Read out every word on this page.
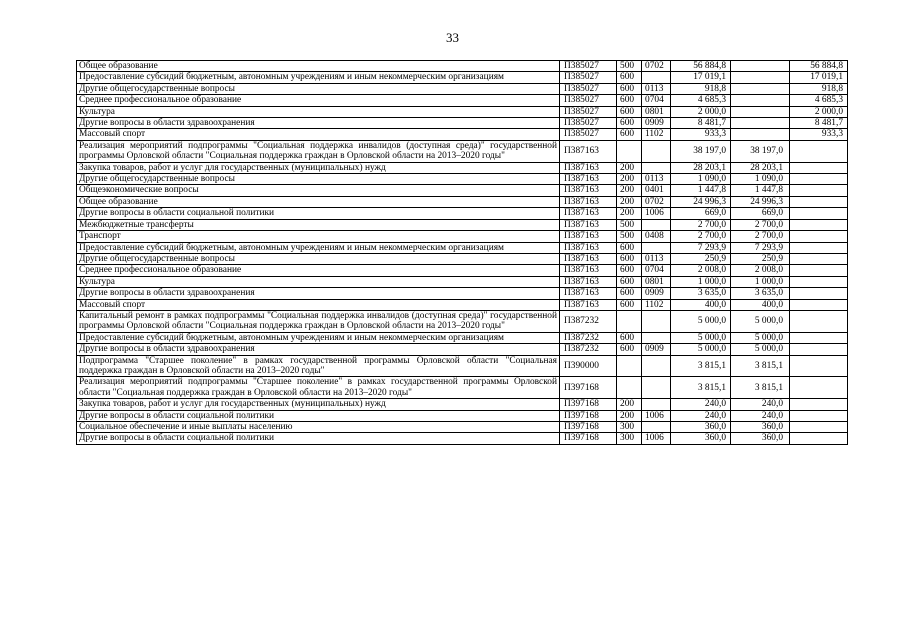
33
Общее образование	П385027	500	0702	56 884,8		56 884,8
Предоставление субсидий бюджетным, автономным учреждениям и иным некоммерческим организациям	П385027	600		17 019,1		17 019,1
Другие общегосударственные вопросы	П385027	600	0113	918,8		918,8
Среднее профессиональное образование	П385027	600	0704	4 685,3		4 685,3
Культура	П385027	600	0801	2 000,0		2 000,0
Другие вопросы в области здравоохранения	П385027	600	0909	8 481,7		8 481,7
Массовый спорт	П385027	600	1102	933,3		933,3
Реализация мероприятий подпрограммы "Социальная поддержка инвалидов (доступная среда)" государственной программы Орловской области "Социальная поддержка граждан в Орловской области на 2013–2020 годы"	П387163			38 197,0	38 197,0	
Закупка товаров, работ и услуг для государственных (муниципальных) нужд	П387163	200		28 203,1	28 203,1	
Другие общегосударственные вопросы	П387163	200	0113	1 090,0	1 090,0	
Общеэкономические вопросы	П387163	200	0401	1 447,8	1 447,8	
Общее образование	П387163	200	0702	24 996,3	24 996,3	
Другие вопросы в области социальной политики	П387163	200	1006	669,0	669,0	
Межбюджетные трансферты	П387163	500		2 700,0	2 700,0	
Транспорт	П387163	500	0408	2 700,0	2 700,0	
Предоставление субсидий бюджетным, автономным учреждениям и иным некоммерческим организациям	П387163	600		7 293,9	7 293,9	
Другие общегосударственные вопросы	П387163	600	0113	250,9	250,9	
Среднее профессиональное образование	П387163	600	0704	2 008,0	2 008,0	
Культура	П387163	600	0801	1 000,0	1 000,0	
Другие вопросы в области здравоохранения	П387163	600	0909	3 635,0	3 635,0	
Массовый спорт	П387163	600	1102	400,0	400,0	
Капитальный ремонт в рамках подпрограммы "Социальная поддержка инвалидов (доступная среда)" государственной программы Орловской области "Социальная поддержка граждан в Орловской области на 2013–2020 годы"	П387232			5 000,0	5 000,0	
Предоставление субсидий бюджетным, автономным учреждениям и иным некоммерческим организациям	П387232	600		5 000,0	5 000,0	
Другие вопросы в области здравоохранения	П387232	600	0909	5 000,0	5 000,0	
Подпрограмма "Старшее поколение" в рамках государственной программы Орловской области "Социальная поддержка граждан в Орловской области на 2013–2020 годы"	П390000			3 815,1	3 815,1	
Реализация мероприятий подпрограммы "Старшее поколение" в рамках государственной программы Орловской области "Социальная поддержка граждан в Орловской области на 2013–2020 годы"	П397168			3 815,1	3 815,1	
Закупка товаров, работ и услуг для государственных (муниципальных) нужд	П397168	200		240,0	240,0	
Другие вопросы в области социальной политики	П397168	200	1006	240,0	240,0	
Социальное обеспечение и иные выплаты населению	П397168	300		360,0	360,0	
Другие вопросы в области социальной политики	П397168	300	1006	360,0	360,0	
